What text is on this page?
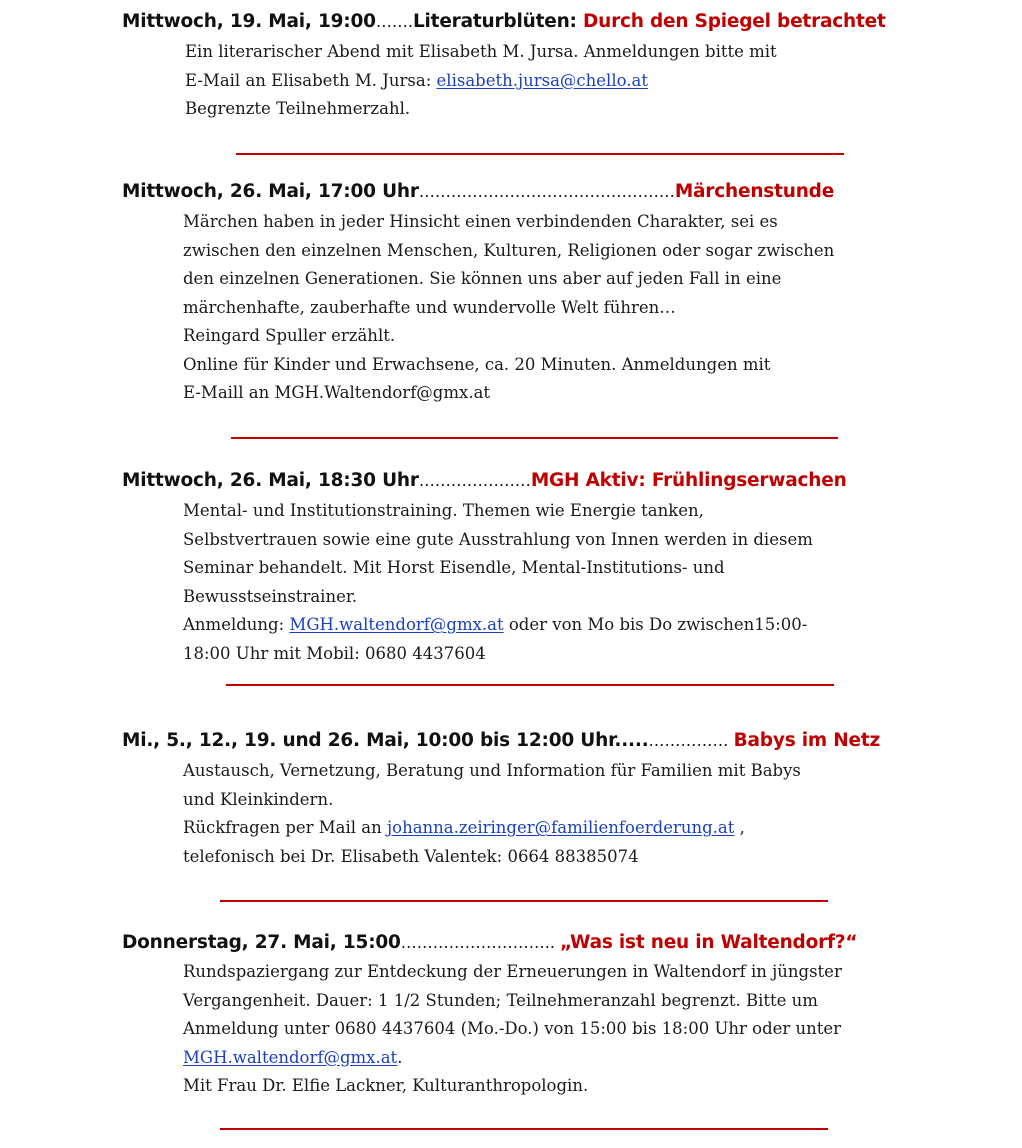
Mittwoch, 19. Mai, 19:00…….Literaturblüten: Durch den Spiegel betrachtet
Ein literarischer Abend mit Elisabeth M. Jursa. Anmeldungen bitte mit
E-Mail an Elisabeth M. Jursa: elisabeth.jursa@chello.at
Begrenzte Teilnehmerzahl.
Mittwoch, 26. Mai, 17:00 Uhr…………………………………………Märchenstunde
Märchen haben in jeder Hinsicht einen verbindenden Charakter, sei es
zwischen den einzelnen Menschen, Kulturen, Religionen oder sogar zwischen
den einzelnen Generationen. Sie können uns aber auf jeden Fall in eine
märchenhafte, zauberhafte und wundervolle Welt führen…
Reingard Spuller erzählt.
Online für Kinder und Erwachsene, ca. 20 Minuten. Anmeldungen mit
E-Maill an MGH.Waltendorf@gmx.at
Mittwoch, 26. Mai, 18:30 Uhr…………………MGH Aktiv: Frühlingserwachen
Mental- und Institutionstraining. Themen wie Energie tanken,
Selbstvertrauen sowie eine gute Ausstrahlung von Innen werden in diesem
Seminar behandelt. Mit Horst Eisendle, Mental-Institutions- und
Bewusstseinstrainer.
Anmeldung: MGH.waltendorf@gmx.at oder von Mo bis Do zwischen15:00-
18:00 Uhr mit Mobil: 0680 4437604
Mi., 5., 12., 19. und 26. Mai, 10:00 bis 12:00 Uhr.....…………… Babys im Netz
Austausch, Vernetzung, Beratung und Information für Familien mit Babys
und Kleinkindern.
Rückfragen per Mail an johanna.zeiringer@familienfoerderung.at ,
telefonisch bei Dr. Elisabeth Valentek: 0664 88385074
Donnerstag, 27. Mai, 15:00……………………….. „Was ist neu in Waltendorf?“
Rundspaziergang zur Entdeckung der Erneuerungen in Waltendorf in jüngster
Vergangenheit. Dauer: 1 1/2 Stunden; Teilnehmeranzahl begrenzt. Bitte um
Anmeldung unter 0680 4437604 (Mo.-Do.) von 15:00 bis 18:00 Uhr oder unter
MGH.waltendorf@gmx.at.
Mit Frau Dr. Elfie Lackner, Kulturanthropologin.
